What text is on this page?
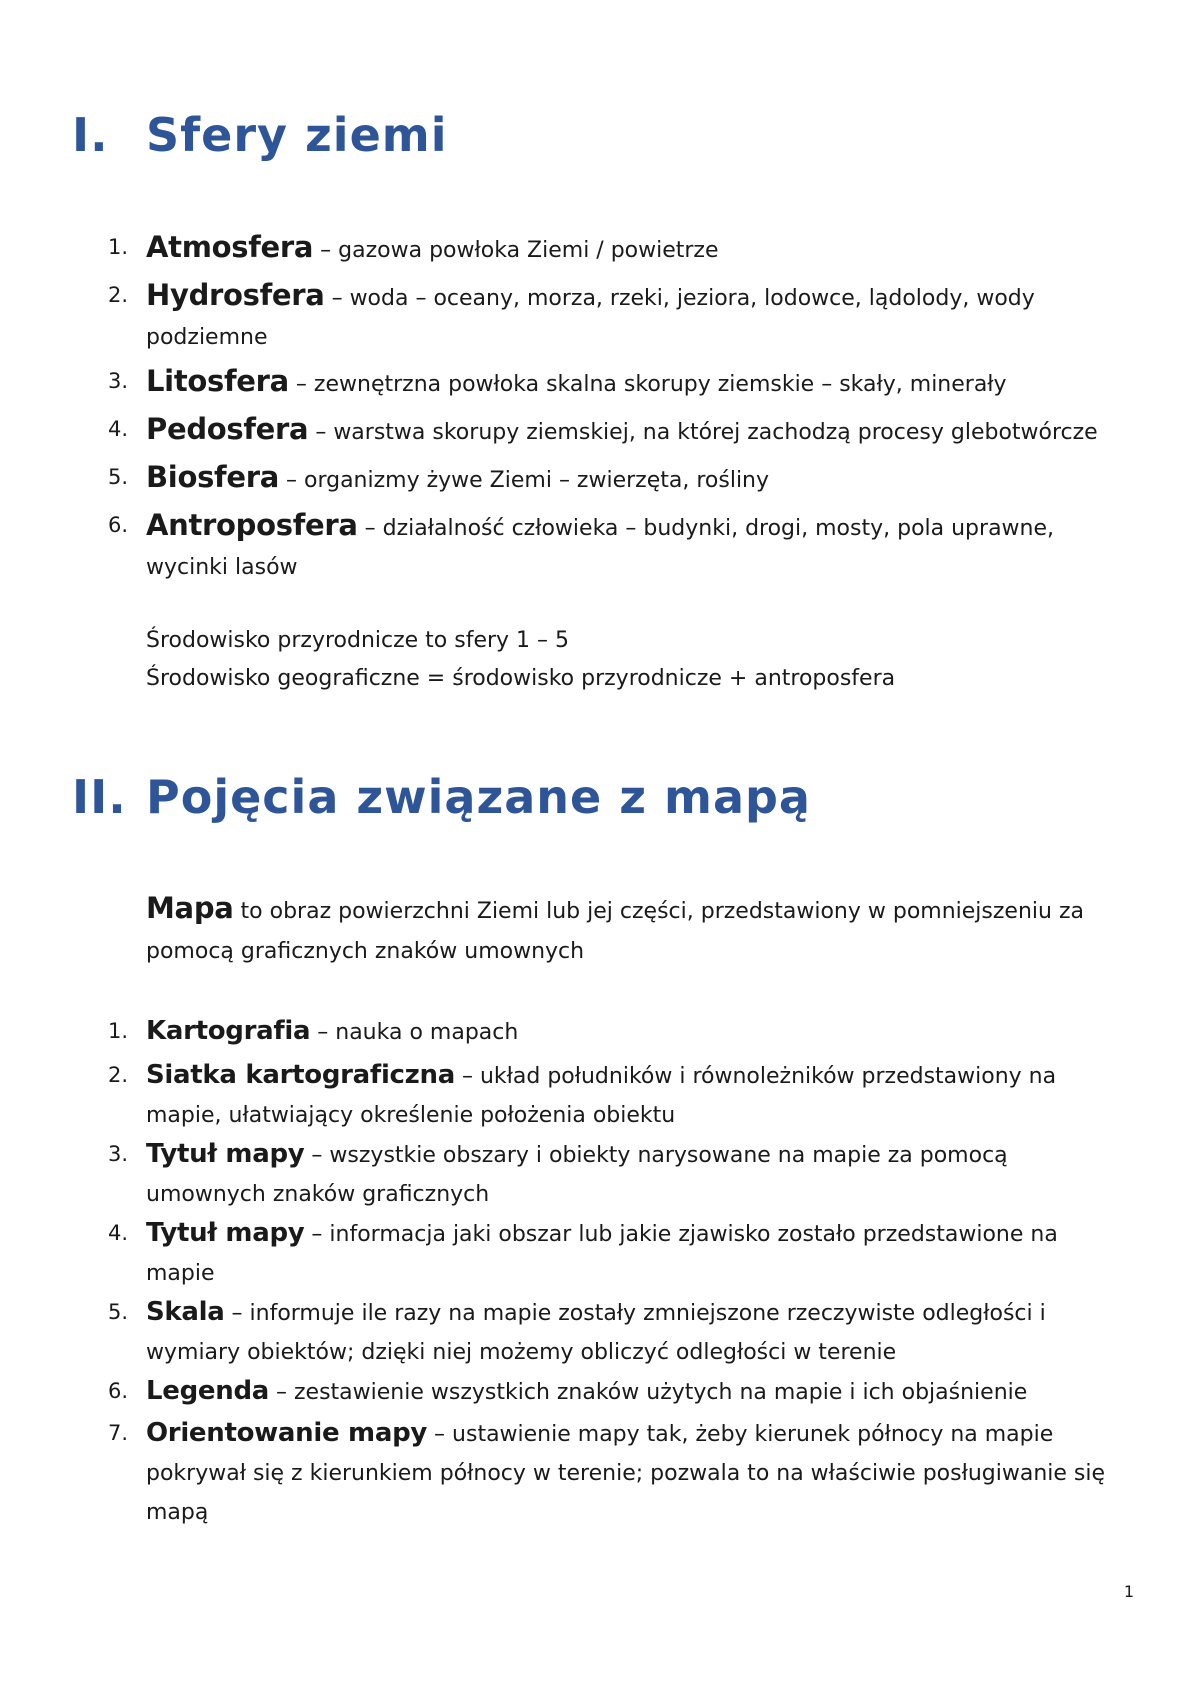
I. Sfery ziemi
1. Atmosfera – gazowa powłoka Ziemi / powietrze
2. Hydrosfera – woda – oceany, morza, rzeki, jeziora, lodowce, lądolody, wody podziemne
3. Litosfera – zewnętrzna powłoka skalna skorupy ziemskie – skały, minerały
4. Pedosfera – warstwa skorupy ziemskiej, na której zachodzą procesy glebotwórcze
5. Biosfera – organizmy żywe Ziemi – zwierzęta, rośliny
6. Antroposfera – działalność człowieka – budynki, drogi, mosty, pola uprawne, wycinki lasów
Środowisko przyrodnicze to sfery 1 – 5
Środowisko geograficzne = środowisko przyrodnicze + antroposfera
II. Pojęcia związane z mapą
Mapa to obraz powierzchni Ziemi lub jej części, przedstawiony w pomniejszeniu za pomocą graficznych znaków umownych
1. Kartografia – nauka o mapach
2. Siatka kartograficzna – układ południków i równoleżników przedstawiony na mapie, ułatwiający określenie położenia obiektu
3. Tytuł mapy – wszystkie obszary i obiekty narysowane na mapie za pomocą umownych znaków graficznych
4. Tytuł mapy – informacja jaki obszar lub jakie zjawisko zostało przedstawione na mapie
5. Skala – informuje ile razy na mapie zostały zmniejszone rzeczywiste odległości i wymiary obiektów; dzięki niej możemy obliczyć odległości w terenie
6. Legenda – zestawienie wszystkich znaków użytych na mapie i ich objaśnienie
7. Orientowanie mapy – ustawienie mapy tak, żeby kierunek północy na mapie pokrywał się z kierunkiem północy w terenie; pozwala to na właściwie posługiwanie się mapą
1
